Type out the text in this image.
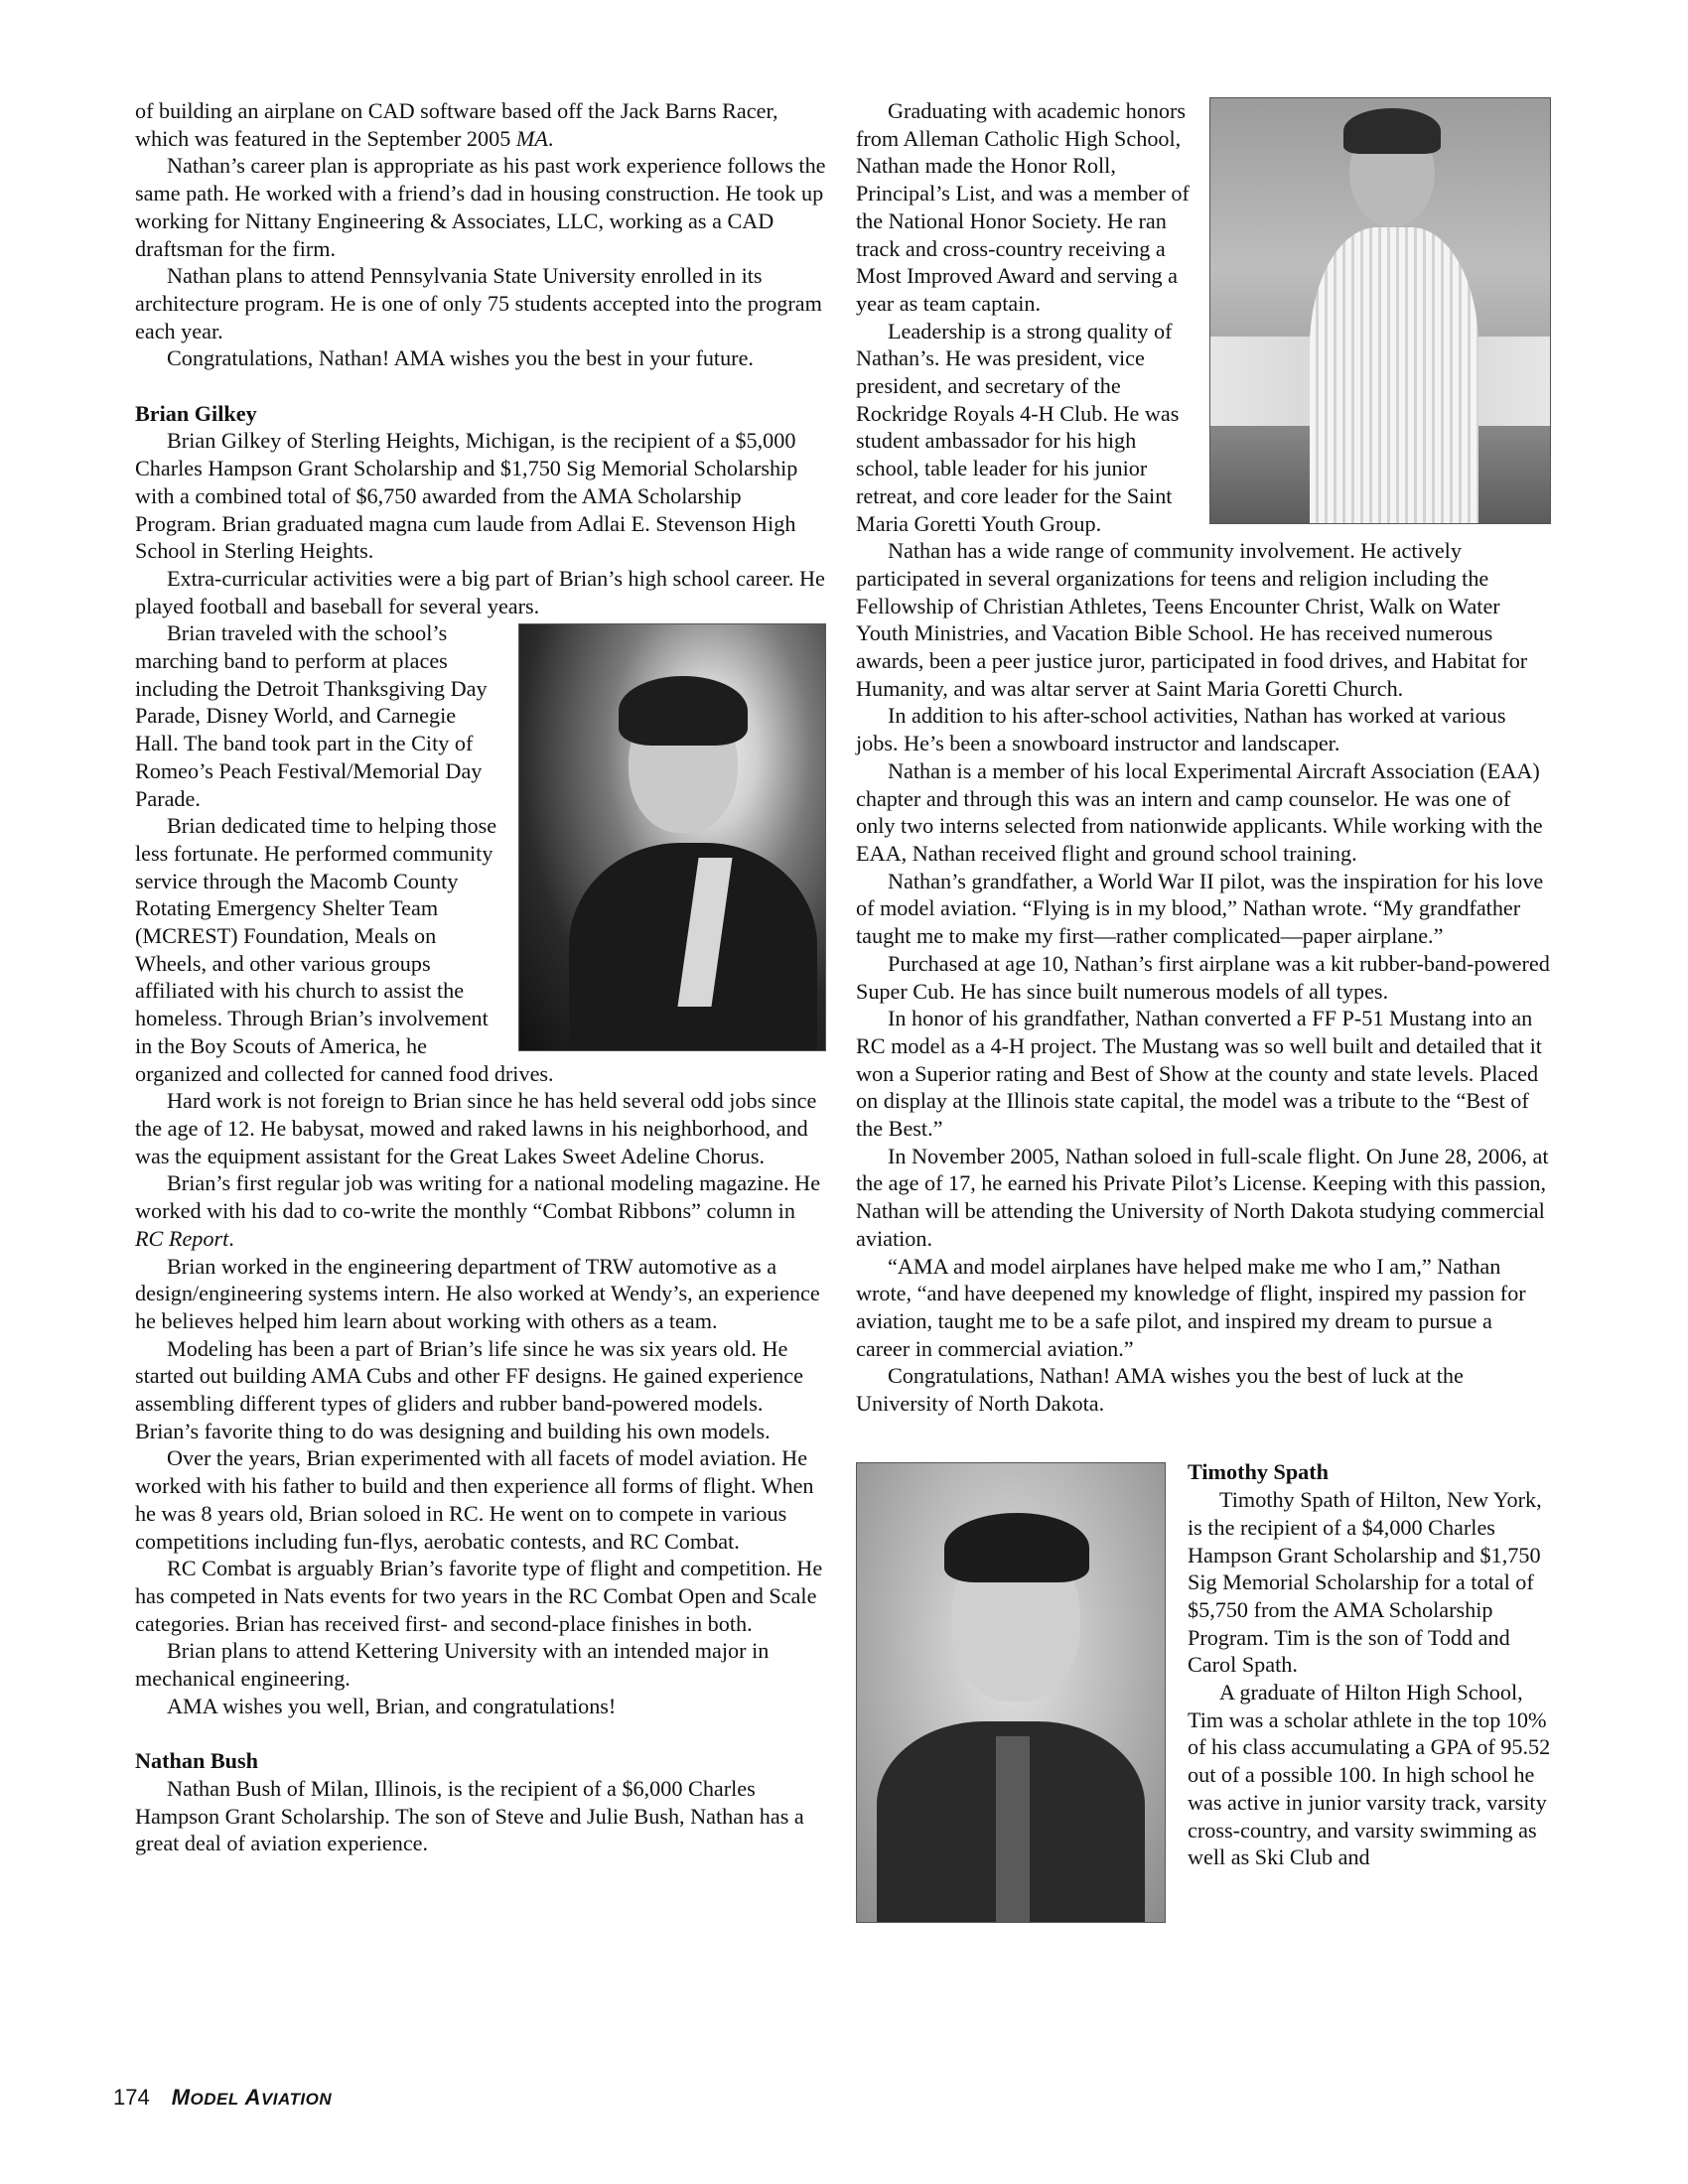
of building an airplane on CAD software based off the Jack Barns Racer, which was featured in the September 2005 MA.

Nathan’s career plan is appropriate as his past work experience follows the same path. He worked with a friend’s dad in housing construction. He took up working for Nittany Engineering & Associates, LLC, working as a CAD draftsman for the firm.

Nathan plans to attend Pennsylvania State University enrolled in its architecture program. He is one of only 75 students accepted into the program each year.

Congratulations, Nathan! AMA wishes you the best in your future.

Brian Gilkey

Brian Gilkey of Sterling Heights, Michigan, is the recipient of a $5,000 Charles Hampson Grant Scholarship and $1,750 Sig Memorial Scholarship with a combined total of $6,750 awarded from the AMA Scholarship Program. Brian graduated magna cum laude from Adlai E. Stevenson High School in Sterling Heights.

Extra-curricular activities were a big part of Brian’s high school career. He played football and baseball for several years.

Brian traveled with the school’s marching band to perform at places including the Detroit Thanksgiving Day Parade, Disney World, and Carnegie Hall. The band took part in the City of Romeo’s Peach Festival/Memorial Day Parade.

Brian dedicated time to helping those less fortunate. He performed community service through the Macomb County Rotating Emergency Shelter Team (MCREST) Foundation, Meals on Wheels, and other various groups affiliated with his church to assist the homeless. Through Brian’s involvement in the Boy Scouts of America, he organized and collected for canned food drives.

Hard work is not foreign to Brian since he has held several odd jobs since the age of 12. He babysat, mowed and raked lawns in his neighborhood, and was the equipment assistant for the Great Lakes Sweet Adeline Chorus.

Brian’s first regular job was writing for a national modeling magazine. He worked with his dad to co-write the monthly “Combat Ribbons” column in RC Report.

Brian worked in the engineering department of TRW automotive as a design/engineering systems intern. He also worked at Wendy’s, an experience he believes helped him learn about working with others as a team.

Modeling has been a part of Brian’s life since he was six years old. He started out building AMA Cubs and other FF designs. He gained experience assembling different types of gliders and rubber band-powered models. Brian’s favorite thing to do was designing and building his own models.

Over the years, Brian experimented with all facets of model aviation. He worked with his father to build and then experience all forms of flight. When he was 8 years old, Brian soloed in RC. He went on to compete in various competitions including fun-flys, aerobatic contests, and RC Combat.

RC Combat is arguably Brian’s favorite type of flight and competition. He has competed in Nats events for two years in the RC Combat Open and Scale categories. Brian has received first- and second-place finishes in both.

Brian plans to attend Kettering University with an intended major in mechanical engineering.

AMA wishes you well, Brian, and congratulations!

Nathan Bush

Nathan Bush of Milan, Illinois, is the recipient of a $6,000 Charles Hampson Grant Scholarship. The son of Steve and Julie Bush, Nathan has a great deal of aviation experience.

Graduating with academic honors from Alleman Catholic High School, Nathan made the Honor Roll, Principal’s List, and was a member of the National Honor Society. He ran track and cross-country receiving a Most Improved Award and serving a year as team captain.

Leadership is a strong quality of Nathan’s. He was president, vice president, and secretary of the Rockridge Royals 4-H Club. He was student ambassador for his high school, table leader for his junior retreat, and core leader for the Saint Maria Goretti Youth Group.

Nathan has a wide range of community involvement. He actively participated in several organizations for teens and religion including the Fellowship of Christian Athletes, Teens Encounter Christ, Walk on Water Youth Ministries, and Vacation Bible School. He has received numerous awards, been a peer justice juror, participated in food drives, and Habitat for Humanity, and was altar server at Saint Maria Goretti Church.

In addition to his after-school activities, Nathan has worked at various jobs. He’s been a snowboard instructor and landscaper.

Nathan is a member of his local Experimental Aircraft Association (EAA) chapter and through this was an intern and camp counselor. He was one of only two interns selected from nationwide applicants. While working with the EAA, Nathan received flight and ground school training.

Nathan’s grandfather, a World War II pilot, was the inspiration for his love of model aviation. “Flying is in my blood,” Nathan wrote. “My grandfather taught me to make my first—rather complicated—paper airplane.”

Purchased at age 10, Nathan’s first airplane was a kit rubber-band-powered Super Cub. He has since built numerous models of all types.

In honor of his grandfather, Nathan converted a FF P-51 Mustang into an RC model as a 4-H project. The Mustang was so well built and detailed that it won a Superior rating and Best of Show at the county and state levels. Placed on display at the Illinois state capital, the model was a tribute to the “Best of the Best.”

In November 2005, Nathan soloed in full-scale flight. On June 28, 2006, at the age of 17, he earned his Private Pilot’s License. Keeping with this passion, Nathan will be attending the University of North Dakota studying commercial aviation.

“AMA and model airplanes have helped make me who I am,” Nathan wrote, “and have deepened my knowledge of flight, inspired my passion for aviation, taught me to be a safe pilot, and inspired my dream to pursue a career in commercial aviation.”

Congratulations, Nathan! AMA wishes you the best of luck at the University of North Dakota.

Timothy Spath

Timothy Spath of Hilton, New York, is the recipient of a $4,000 Charles Hampson Grant Scholarship and $1,750 Sig Memorial Scholarship for a total of $5,750 from the AMA Scholarship Program. Tim is the son of Todd and Carol Spath.

A graduate of Hilton High School, Tim was a scholar athlete in the top 10% of his class accumulating a GPA of 95.52 out of a possible 100. In high school he was active in junior varsity track, varsity cross-country, and varsity swimming as well as Ski Club and

174 MODEL AVIATION
